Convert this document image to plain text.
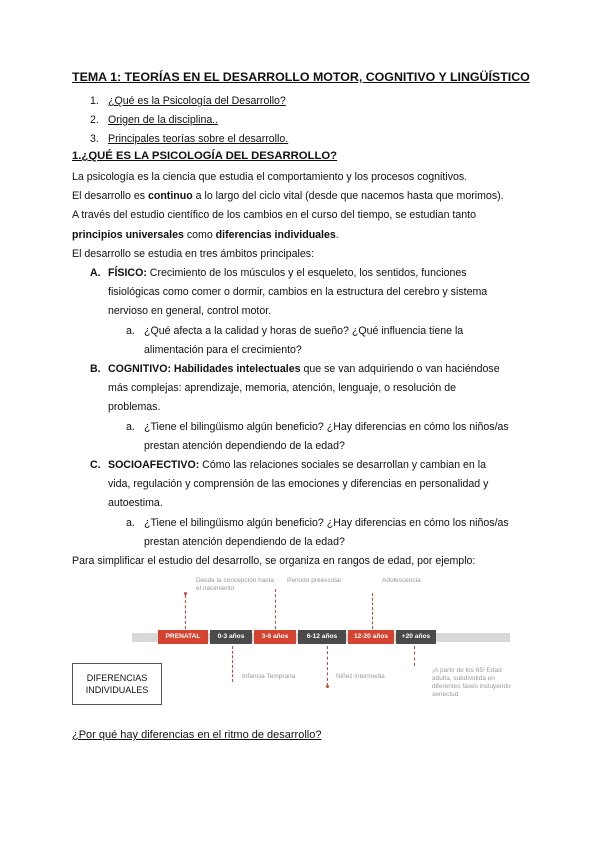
TEMA 1: TEORÍAS EN EL DESARROLLO MOTOR, COGNITIVO Y LINGÜÍSTICO
1. ¿Qué es la Psicología del Desarrollo?
2. Origen de la disciplina..
3. Principales teorías sobre el desarrollo.
1.¿QUÉ ES LA PSICOLOGÍA DEL DESARROLLO?
La psicología es la ciencia que estudia el comportamiento y los procesos cognitivos.
El desarrollo es continuo a lo largo del ciclo vital (desde que nacemos hasta que morimos).
A través del estudio científico de los cambios en el curso del tiempo, se estudian tanto
principios universales como diferencias individuales.
El desarrollo se estudia en tres ámbitos principales:
A. FÍSICO: Crecimiento de los músculos y el esqueleto, los sentidos, funciones
fisiológicas como comer o dormir, cambios en la estructura del cerebro y sistema
nervioso en general, control motor.
a. ¿Qué afecta a la calidad y horas de sueño? ¿Qué influencia tiene la
alimentación para el crecimiento?
B. COGNITIVO: Habilidades intelectuales que se van adquiriendo o van haciéndose
más complejas: aprendizaje, memoria, atención, lenguaje, o resolución de
problemas.
a. ¿Tiene el bilingüismo algún beneficio? ¿Hay diferencias en cómo los niños/as
prestan atención dependiendo de la edad?
C. SOCIOAFECTIVO: Cómo las relaciones sociales se desarrollan y cambian en la
vida, regulación y comprensión de las emociones y diferencias en personalidad y
autoestima.
a. ¿Tiene el bilingüismo algún beneficio? ¿Hay diferencias en cómo los niños/as
prestan atención dependiendo de la edad?
Para simplificar el estudio del desarrollo, se organiza en rangos de edad, por ejemplo:
Desde la concepción hasta el nacimiento
Periodo preescolar	Adolescencia
PRENATAL	0-3 años	3-6 años	6-12 años	12-20 años	+20 años
Infancia Temprana	Niñez intermedia
¡A partir de los 65! Edad adulta, subdividida en diferentes fases incluyendo senectud
DIFERENCIAS INDIVIDUALES
¿Por qué hay diferencias en el ritmo de desarrollo?
